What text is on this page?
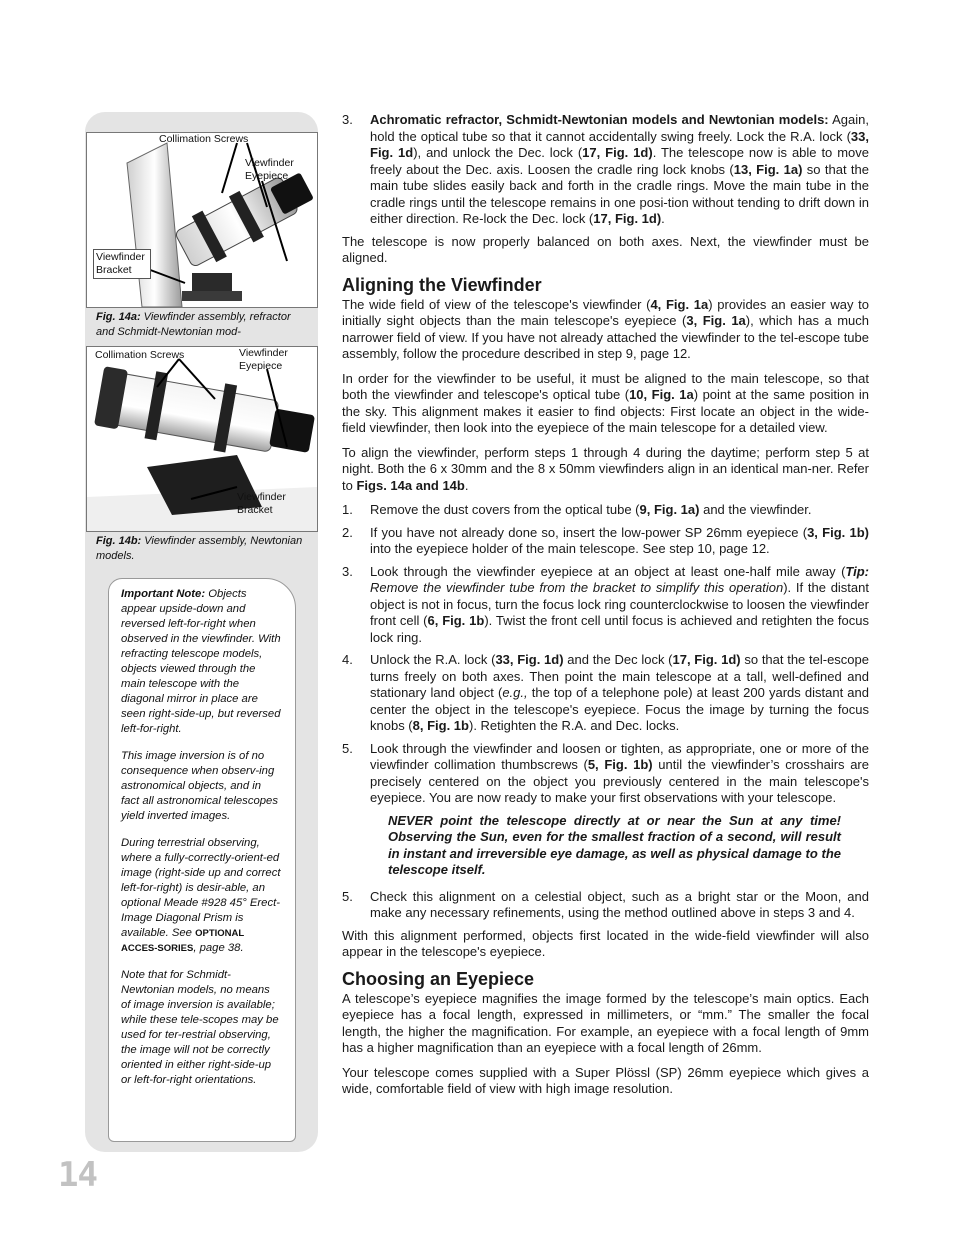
Collimation Screws
Viewfinder Eyepiece
Viewfinder Bracket
Fig. 14a: Viewfinder assembly, refractor and Schmidt-Newtonian mod-
Collimation Screws	Viewfinder Eyepiece
Viewfinder Bracket
Fig. 14b: Viewfinder assembly, Newtonian models.

Important Note: Objects appear upside-down and reversed left-for-right when observed in the viewfinder. With refracting telescope models, objects viewed through the main telescope with the diagonal mirror in place are seen right-side-up, but reversed left-for-right.

This image inversion is of no consequence when observ-ing astronomical objects, and in fact all astronomical telescopes yield inverted images.

During terrestrial observing, where a fully-correctly-orient-ed image (right-side up and correct left-for-right) is desir-able, an optional Meade #928 45° Erect-Image Diagonal Prism is available. See OPTIONAL ACCES-SORIES, page 38.

Note that for Schmidt-Newtonian models, no means of image inversion is available; while these tele-scopes may be used for ter-restrial observing, the image will not be correctly oriented in either right-side-up or left-for-right orientations.

14
3. Achromatic refractor, Schmidt-Newtonian models and Newtonian models: Again, hold the optical tube so that it cannot accidentally swing freely. Lock the R.A. lock (33, Fig. 1d), and unlock the Dec. lock (17, Fig. 1d). The telescope now is able to move freely about the Dec. axis. Loosen the cradle ring lock knobs (13, Fig. 1a) so that the main tube slides easily back and forth in the cradle rings. Move the main tube in the cradle rings until the telescope remains in one posi-tion without tending to drift down in either direction. Re-lock the Dec. lock (17, Fig. 1d).

The telescope is now properly balanced on both axes. Next, the viewfinder must be aligned.

Aligning the Viewfinder

The wide field of view of the telescope's viewfinder (4, Fig. 1a) provides an easier way to initially sight objects than the main telescope's eyepiece (3, Fig. 1a), which has a much narrower field of view. If you have not already attached the viewfinder to the tel-escope tube assembly, follow the procedure described in step 9, page 12.

In order for the viewfinder to be useful, it must be aligned to the main telescope, so that both the viewfinder and telescope's optical tube (10, Fig. 1a) point at the same position in the sky. This alignment makes it easier to find objects: First locate an object in the wide-field viewfinder, then look into the eyepiece of the main telescope for a detailed view.

To align the viewfinder, perform steps 1 through 4 during the daytime; perform step 5 at night. Both the 6 x 30mm and the 8 x 50mm viewfinders align in an identical man-ner. Refer to Figs. 14a and 14b.

1. Remove the dust covers from the optical tube (9, Fig. 1a) and the viewfinder.
2. If you have not already done so, insert the low-power SP 26mm eyepiece (3, Fig. 1b) into the eyepiece holder of the main telescope. See step 10, page 12.
3. Look through the viewfinder eyepiece at an object at least one-half mile away (Tip: Remove the viewfinder tube from the bracket to simplify this operation). If the distant object is not in focus, turn the focus lock ring counterclockwise to loosen the viewfinder front cell (6, Fig. 1b). Twist the front cell until focus is achieved and retighten the focus lock ring.
4. Unlock the R.A. lock (33, Fig. 1d) and the Dec lock (17, Fig. 1d) so that the tel-escope turns freely on both axes. Then point the main telescope at a tall, well-defined and stationary land object (e.g., the top of a telephone pole) at least 200 yards distant and center the object in the telescope's eyepiece. Focus the image by turning the focus knobs (8, Fig. 1b). Retighten the R.A. and Dec. locks.
5. Look through the viewfinder and loosen or tighten, as appropriate, one or more of the viewfinder collimation thumbscrews (5, Fig. 1b) until the viewfinder’s crosshairs are precisely centered on the object you previously centered in the main telescope's eyepiece. You are now ready to make your first observations with your telescope.
NEVER point the telescope directly at or near the Sun at any time! Observing the Sun, even for the smallest fraction of a second, will result in instant and irreversible eye damage, as well as physical damage to the telescope itself.
5. Check this alignment on a celestial object, such as a bright star or the Moon, and make any necessary refinements, using the method outlined above in steps 3 and 4.

With this alignment performed, objects first located in the wide-field viewfinder will also appear in the telescope's eyepiece.

Choosing an Eyepiece

A telescope’s eyepiece magnifies the image formed by the telescope’s main optics. Each eyepiece has a focal length, expressed in millimeters, or “mm.” The smaller the focal length, the higher the magnification. For example, an eyepiece with a focal length of 9mm has a higher magnification than an eyepiece with a focal length of 26mm.

Your telescope comes supplied with a Super Plössl (SP) 26mm eyepiece which gives a wide, comfortable field of view with high image resolution.
